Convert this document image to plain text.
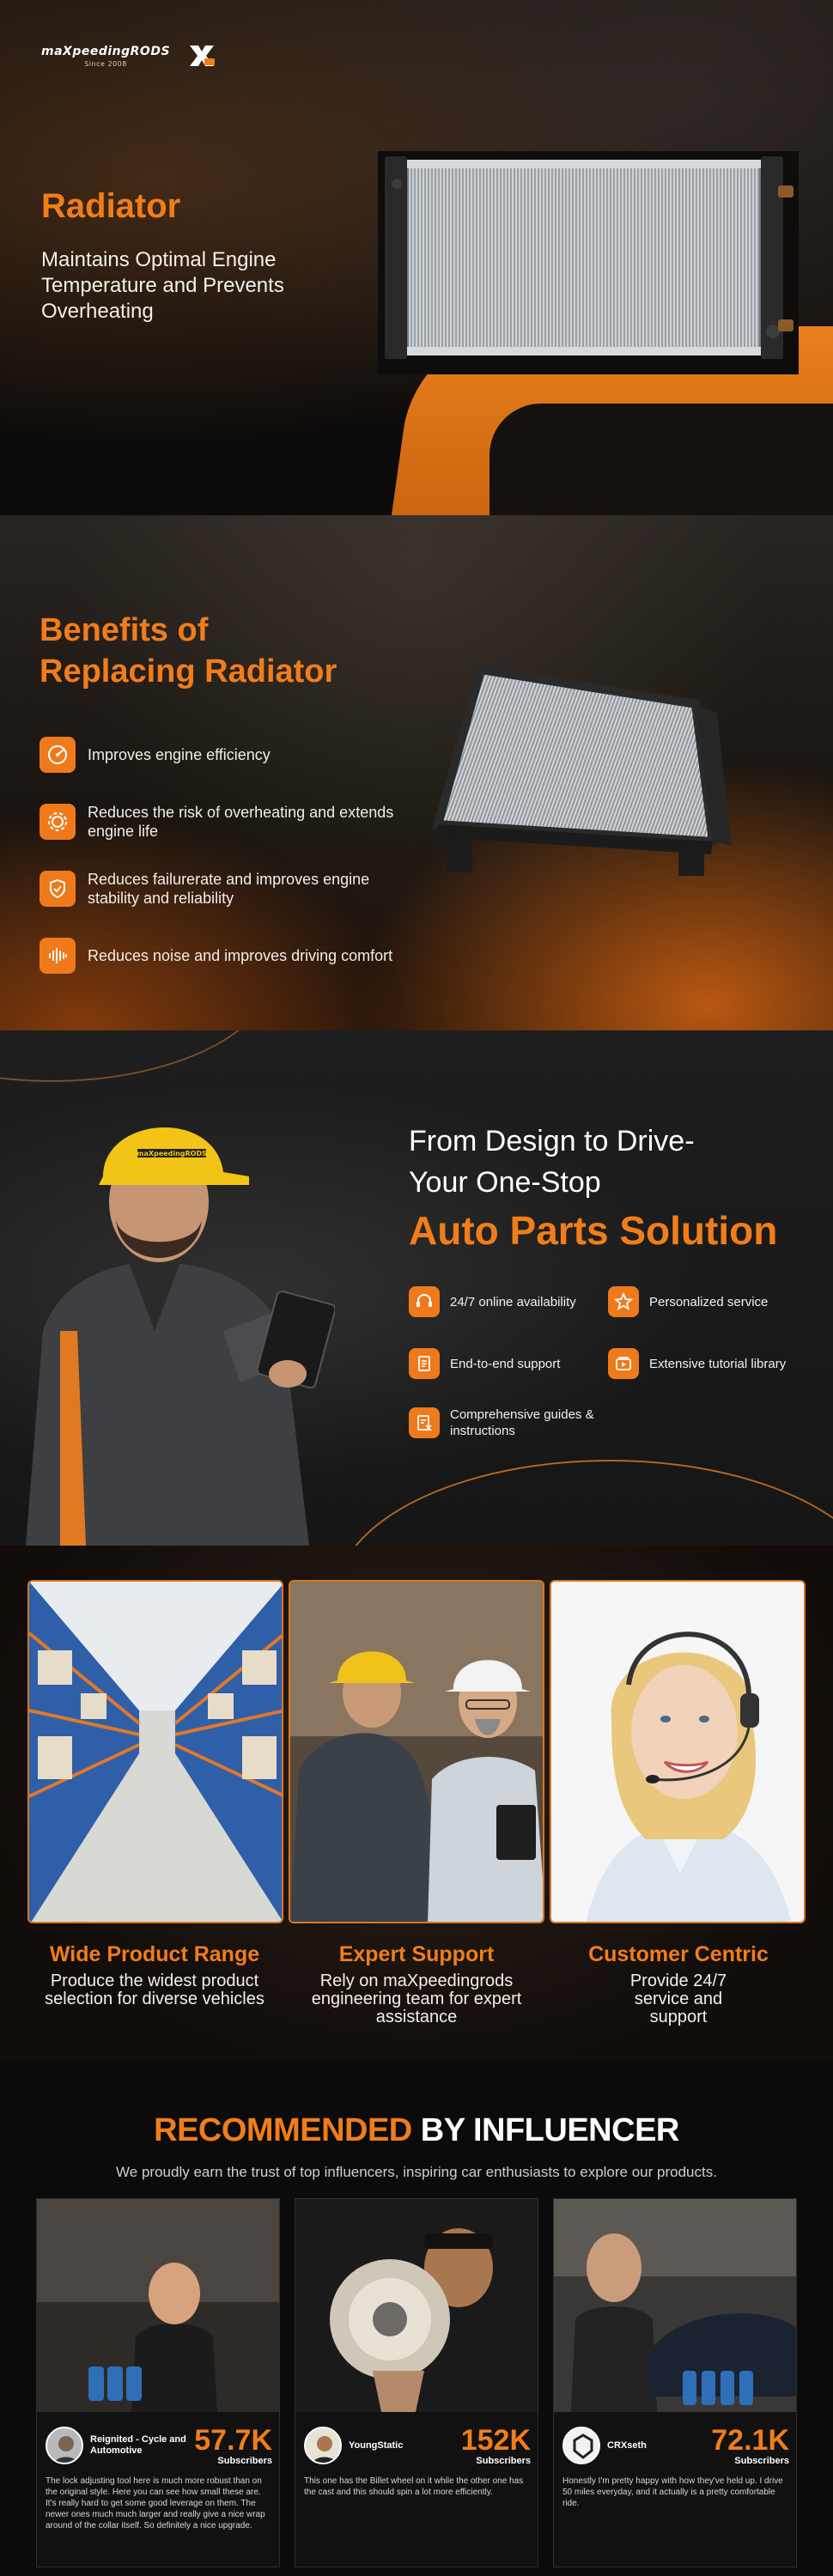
maXpeedingRODS
Since 2008
Radiator
Maintains Optimal Engine Temperature and Prevents Overheating
Benefits of
Replacing Radiator
Improves engine efficiency
Reduces the risk of overheating and extends engine life
Reduces failurerate and improves engine stability and reliability
Reduces noise and improves driving comfort
maXpeedingRODS	From Design to Drive-
Your One-Stop
Auto Parts Solution
24/7 online availability	Personalized service
End-to-end support	Extensive tutorial library
Comprehensive guides & instructions
Wide Product Range
Produce the widest product selection for diverse vehicles
Expert Support
Rely on maXpeedingrods engineering team for expert assistance
Customer Centric
Provide 24/7 service and support
RECOMMENDED BY INFLUENCER
We proudly earn the trust of top influencers, inspiring car enthusiasts to explore our products.
Reignited - Cycle and Automotive	57.7K
Subscribers
The lock adjusting tool here is much more robust than on the original style. Here you can see how small these are. It's really hard to get some good leverage on them. The newer ones much much larger and really give a nice wrap around of the collar itself. So definitely a nice upgrade.
YoungStatic	152K
Subscribers
This one has the Billet wheel on it while the other one has the cast and this should spin a lot more efficiently.
CRXseth	72.1K
Subscribers
Honestly I'm pretty happy with how they've held up. I drive 50 miles everyday, and it actually is a pretty comfortable ride.
